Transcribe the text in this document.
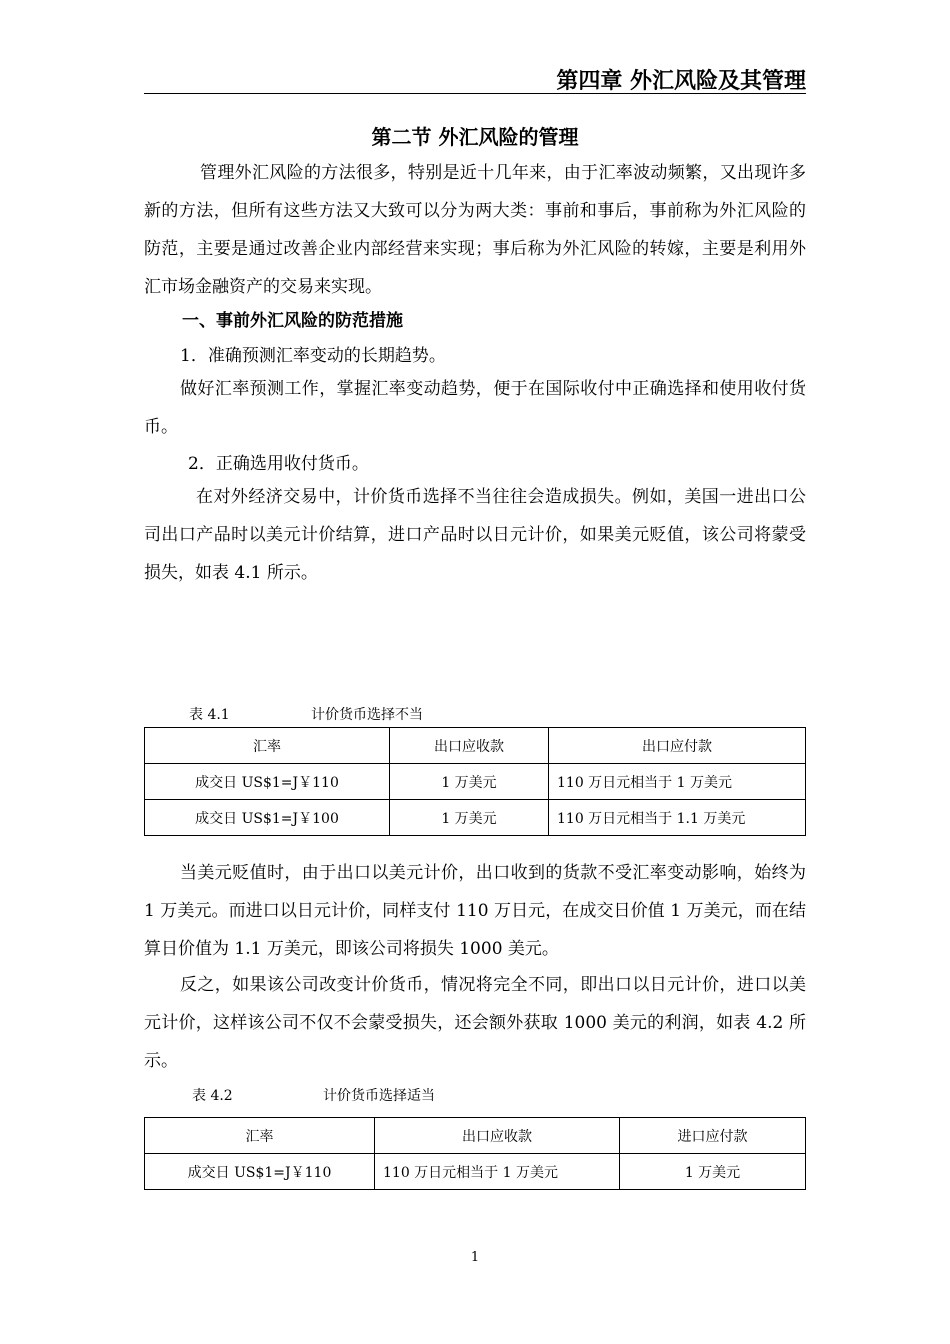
第四章 外汇风险及其管理
第二节 外汇风险的管理
管理外汇风险的方法很多，特别是近十几年来，由于汇率波动频繁，又出现许多新的方法，但所有这些方法又大致可以分为两大类：事前和事后，事前称为外汇风险的防范，主要是通过改善企业内部经营来实现；事后称为外汇风险的转嫁，主要是利用外汇市场金融资产的交易来实现。
一、事前外汇风险的防范措施
1．准确预测汇率变动的长期趋势。
做好汇率预测工作，掌握汇率变动趋势，便于在国际收付中正确选择和使用收付货币。
2．正确选用收付货币。
在对外经济交易中，计价货币选择不当往往会造成损失。例如，美国一进出口公司出口产品时以美元计价结算，进口产品时以日元计价，如果美元贬值，该公司将蒙受损失，如表 4.1 所示。
表 4.1	计价货币选择不当
汇率	出口应收款	出口应付款
成交日 US$1=J￥110	1 万美元	110 万日元相当于 1 万美元
成交日 US$1=J￥100	1 万美元	110 万日元相当于 1.1 万美元
当美元贬值时，由于出口以美元计价，出口收到的货款不受汇率变动影响，始终为 1 万美元。而进口以日元计价，同样支付 110 万日元，在成交日价值 1 万美元，而在结算日价值为 1.1 万美元，即该公司将损失 1000 美元。
反之，如果该公司改变计价货币，情况将完全不同，即出口以日元计价，进口以美元计价，这样该公司不仅不会蒙受损失，还会额外获取 1000 美元的利润，如表 4.2 所示。
表 4.2	计价货币选择适当
汇率	出口应收款	进口应付款
成交日 US$1=J￥110	110 万日元相当于 1 万美元	1 万美元
1
